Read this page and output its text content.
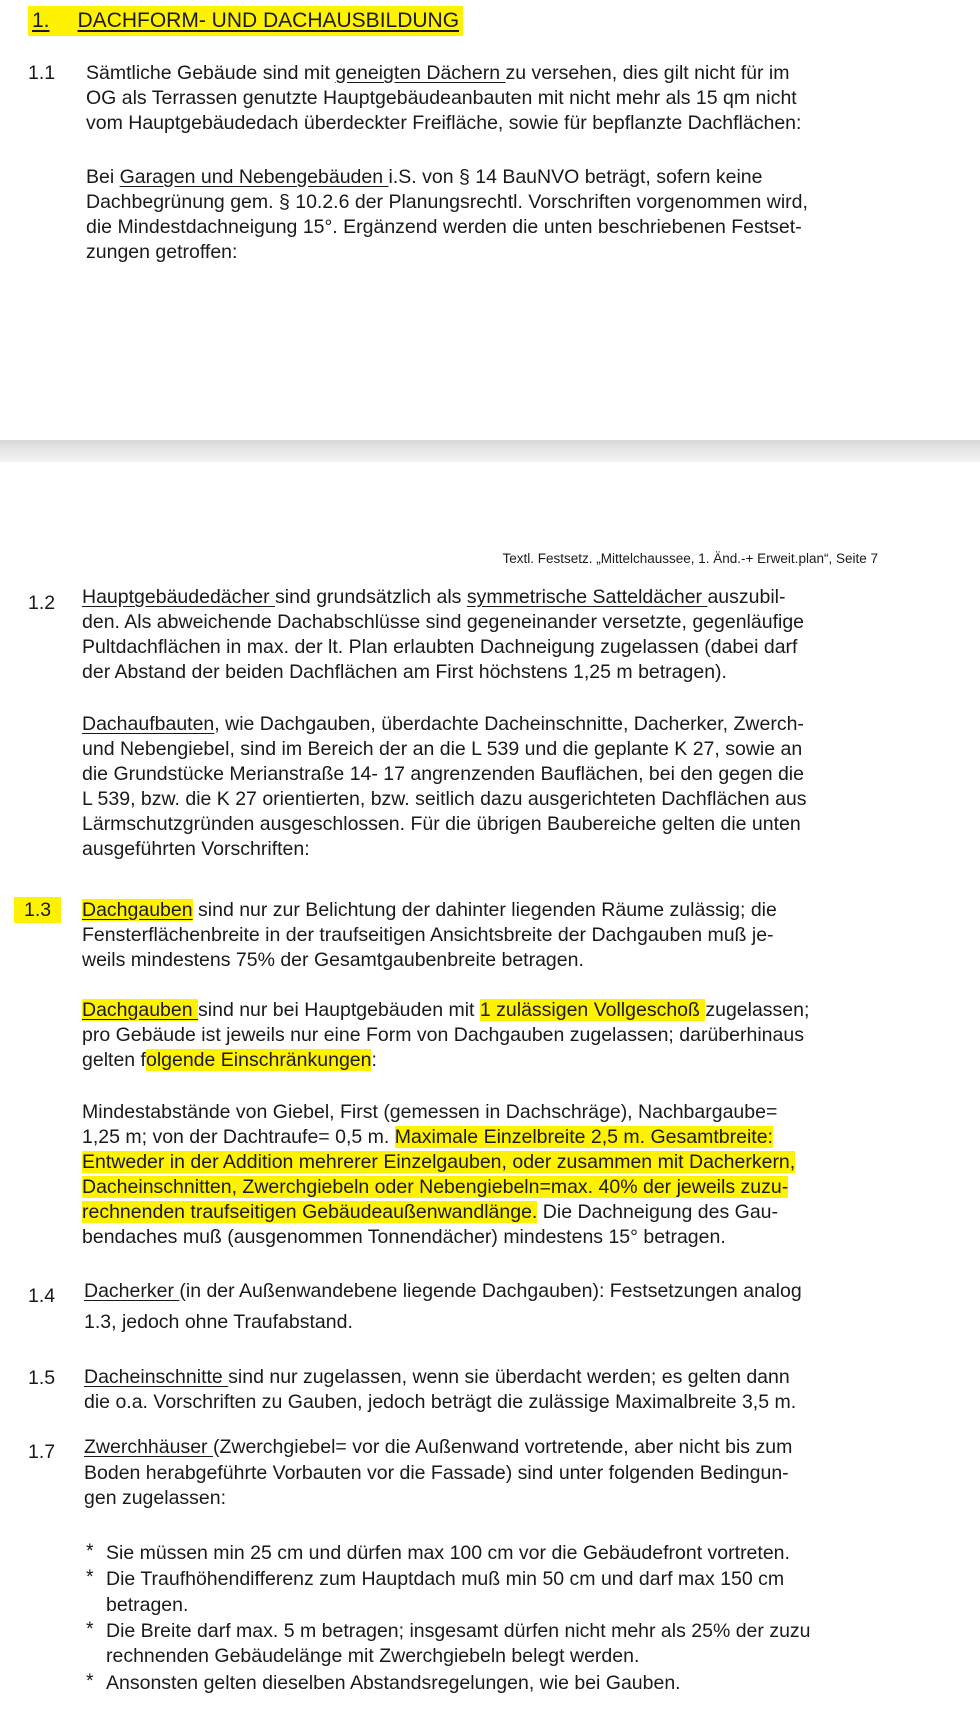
1. DACHFORM- UND DACHAUSBILDUNG
1.1 Sämtliche Gebäude sind mit geneigten Dächern zu versehen, dies gilt nicht für im
OG als Terrassen genutzte Hauptgebäudeanbauten mit nicht mehr als 15 qm nicht
vom Hauptgebäudedach überdeckter Freifläche, sowie für bepflanzte Dachflächen:
Bei Garagen und Nebengebäuden i.S. von § 14 BauNVO beträgt, sofern keine
Dachbegrünung gem. § 10.2.6 der Planungsrechtl. Vorschriften vorgenommen wird,
die Mindestdachneigung 15°. Ergänzend werden die unten beschriebenen Festset-
zungen getroffen:
Textl. Festsetz. „Mittelchaussee, 1. Änd.-+ Erweit.plan“, Seite 7
1.2 Hauptgebäudedächer sind grundsätzlich als symmetrische Satteldächer auszubil-
den. Als abweichende Dachabschlüsse sind gegeneinander versetzte, gegenläufige
Pultdachflächen in max. der lt. Plan erlaubten Dachneigung zugelassen (dabei darf
der Abstand der beiden Dachflächen am First höchstens 1,25 m betragen).
Dachaufbauten, wie Dachgauben, überdachte Dacheinschnitte, Dacherker, Zwerch-
und Nebengiebel, sind im Bereich der an die L 539 und die geplante K 27, sowie an
die Grundstücke Merianstraße 14- 17 angrenzenden Bauflächen, bei den gegen die
L 539, bzw. die K 27 orientierten, bzw. seitlich dazu ausgerichteten Dachflächen aus
Lärmschutzgründen ausgeschlossen. Für die übrigen Baubereiche gelten die unten
ausgeführten Vorschriften:
1.3	Dachgauben sind nur zur Belichtung der dahinter liegenden Räume zulässig; die
Fensterflächenbreite in der traufseitigen Ansichtsbreite der Dachgauben muß je-
weils mindestens 75% der Gesamtgaubenbreite betragen.
Dachgauben sind nur bei Hauptgebäuden mit 1 zulässigen Vollgeschoß zugelassen;
pro Gebäude ist jeweils nur eine Form von Dachgauben zugelassen; darüberhinaus
gelten folgende Einschränkungen:
Mindestabstände von Giebel, First (gemessen in Dachschräge), Nachbargaube=
1,25 m; von der Dachtraufe= 0,5 m. Maximale Einzelbreite 2,5 m. Gesamtbreite:
Entweder in der Addition mehrerer Einzelgauben, oder zusammen mit Dacherkern,
Dacheinschnitten, Zwerchgiebeln oder Nebengiebeln=max. 40% der jeweils zuzu-
rechnenden traufseitigen Gebäudeaußenwandlänge. Die Dachneigung des Gau-
bendaches muß (ausgenommen Tonnendächer) mindestens 15° betragen.
1.4 Dacherker (in der Außenwandebene liegende Dachgauben): Festsetzungen analog
1.3, jedoch ohne Traufabstand.
1.5 Dacheinschnitte sind nur zugelassen, wenn sie überdacht werden; es gelten dann
die o.a. Vorschriften zu Gauben, jedoch beträgt die zulässige Maximalbreite 3,5 m.
1.7 Zwerchhäuser (Zwerchgiebel= vor die Außenwand vortretende, aber nicht bis zum
Boden herabgeführte Vorbauten vor die Fassade) sind unter folgenden Bedingun-
gen zugelassen:
* Sie müssen min 25 cm und dürfen max 100 cm vor die Gebäudefront vortreten.
* Die Traufhöhendifferenz zum Hauptdach muß min 50 cm und darf max 150 cm
betragen.
* Die Breite darf max. 5 m betragen; insgesamt dürfen nicht mehr als 25% der zuzu
rechnenden Gebäudelänge mit Zwerchgiebeln belegt werden.
* Ansonsten gelten dieselben Abstandsregelungen, wie bei Gauben.
